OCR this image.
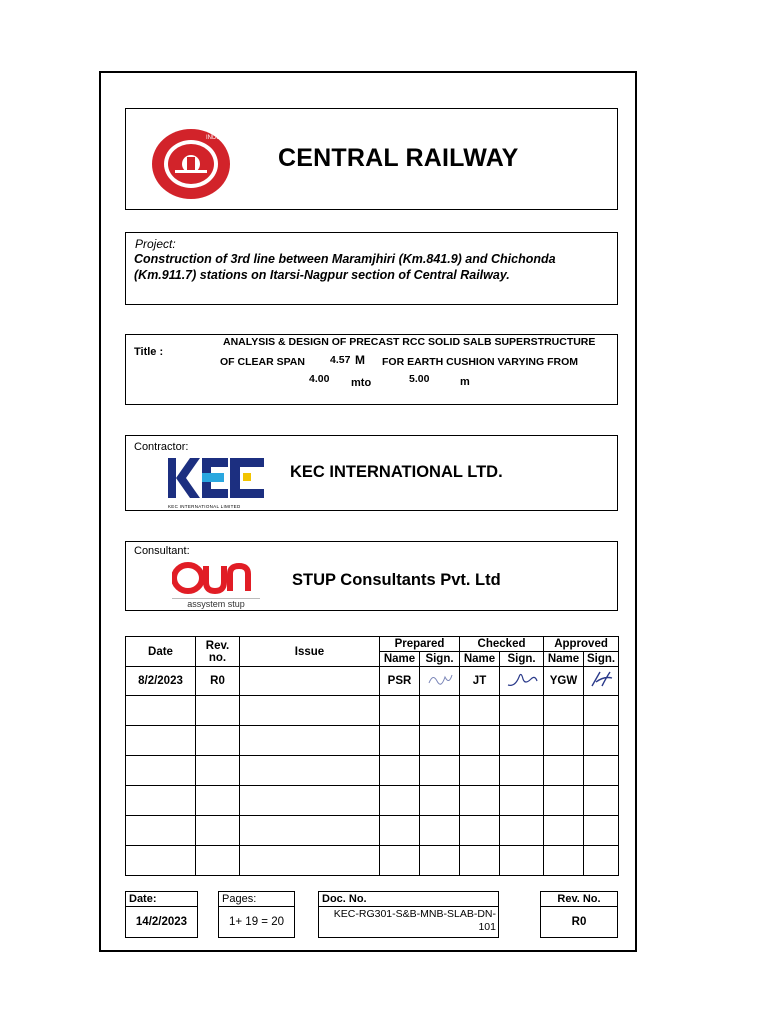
INDIAN
CENTRAL RAILWAY
Project:
Construction of 3rd line between Maramjhiri (Km.841.9) and Chichonda (Km.911.7) stations on Itarsi-Nagpur section of Central Railway.
Title :
ANALYSIS & DESIGN OF PRECAST RCC SOLID SALB SUPERSTRUCTURE
OF CLEAR SPAN 4.57 M FOR EARTH CUSHION VARYING FROM
4.00 mto	5.00	m
Contractor:
KEC INTERNATIONAL LIMITED
KEC INTERNATIONAL LTD.
Consultant:
assystem stup
STUP Consultants Pvt. Ltd
Date	Rev. no.	Issue	Prepared		Checked		Approved	
			Name	Sign.	Name	Sign.	Name	Sign.
8/2/2023	R0		PSR		JT		YGW	

Date:
14/2/2023
Pages:
1+ 19 = 20
Doc. No.
KEC-RG301-S&B-MNB-SLAB-DN-
101
Rev. No.
R0
